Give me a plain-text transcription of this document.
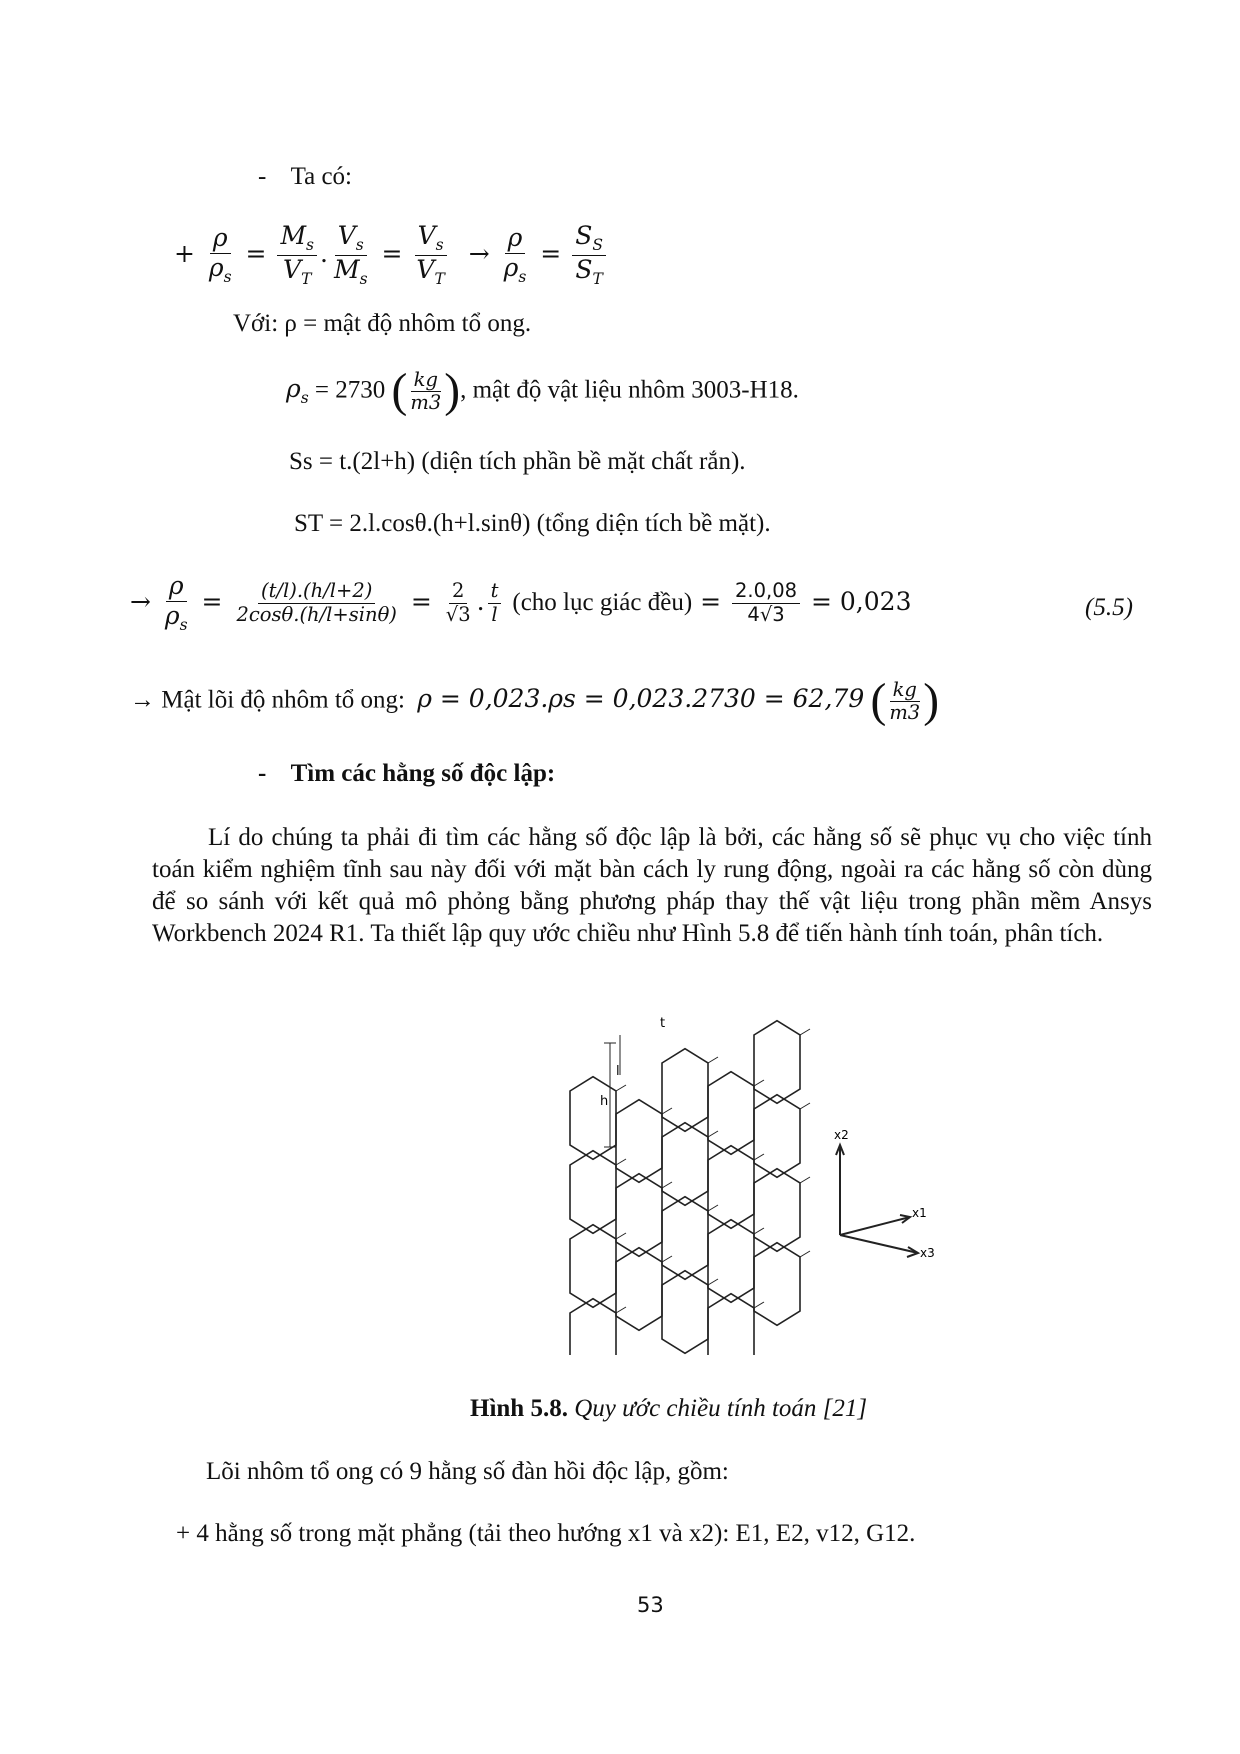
- Ta có:
+ $\frac{\rho}{\rho_s} = \frac{M_s}{V_T}$ . $\frac{V_s}{M_s} = \frac{V_s}{V_T} \to \frac{\rho}{\rho_s} = \frac{S_S}{S_T}$
Với: ρ = mật độ nhôm tổ ong.
$\rho_s = 2730$ ( $\frac{kg}{m3}$ ), mật độ vật liệu nhôm 3003-H18.
Ss = t.(2l+h) (diện tích phần bề mặt chất rắn).
ST = 2.l.cosθ.(h+l.sinθ) (tổng diện tích bề mặt).
→ $\frac{\rho}{\rho_s} = \frac{(t/l).(h/l+2)}{2\cos\theta.(h/l+\sin\theta)} = \frac{2}{√3}$ . $\frac{t}{l} (cho$ lục giác đều) = $\frac{2.0,08}{4√3} = 0,023$	(5.5)
→ Mật lõi độ nhôm tổ ong: ρ = 0,023.ρs = 0,023.2730 = 62,79 ( $\frac{kg}{m3}$ )
- Tìm các hằng số độc lập:
Lí do chúng ta phải đi tìm các hằng số độc lập là bởi, các hằng số sẽ phục vụ cho việc tính toán kiểm nghiệm tĩnh sau này đối với mặt bàn cách ly rung động, ngoài ra các hằng số còn dùng để so sánh với kết quả mô phỏng bằng phương pháp thay thế vật liệu trong phần mềm Ansys Workbench 2024 R1. Ta thiết lập quy ước chiều như Hình 5.8 để tiến hành tính toán, phân tích.
l
h
t
x2
x1
x3
Hình 5.8. Quy ước chiều tính toán [21]
Lõi nhôm tổ ong có 9 hằng số đàn hồi độc lập, gồm:
+ 4 hằng số trong mặt phẳng (tải theo hướng x1 và x2): E1, E2, v12, G12.
53
